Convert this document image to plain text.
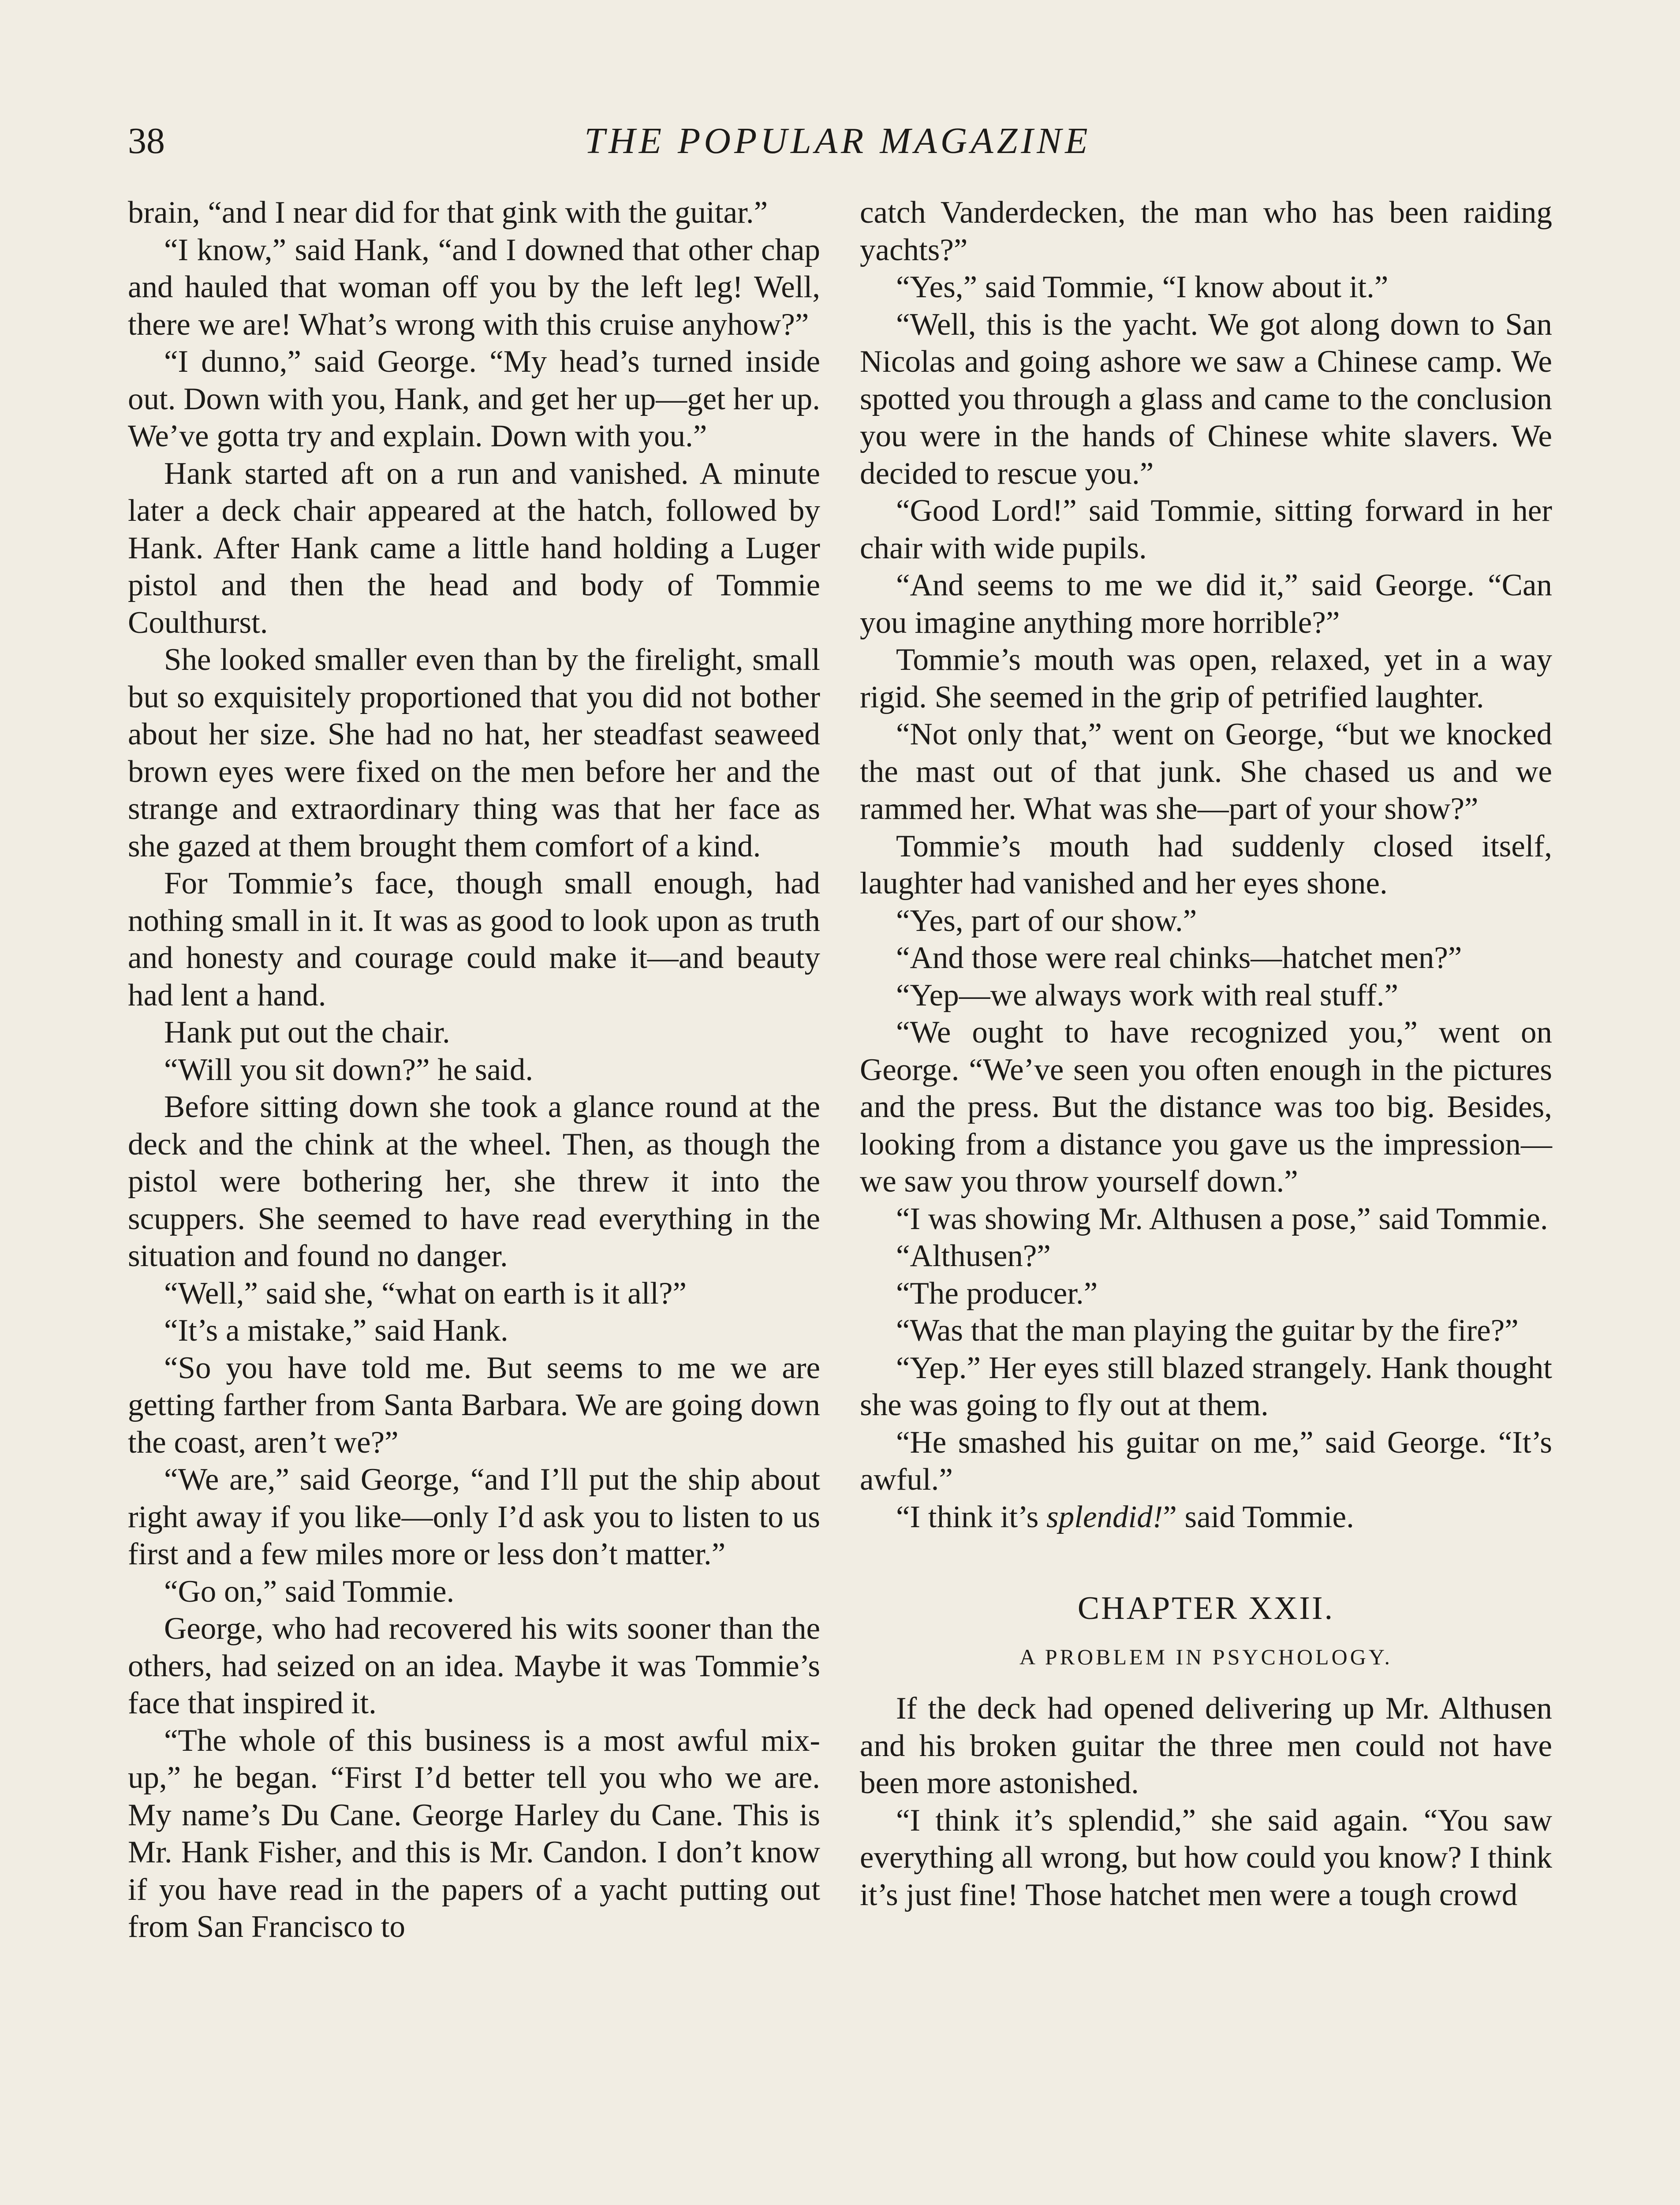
38	THE POPULAR MAGAZINE

brain, “and I near did for that gink with the guitar.”

“I know,” said Hank, “and I downed that other chap and hauled that woman off you by the left leg! Well, there we are! What’s wrong with this cruise anyhow?”

“I dunno,” said George. “My head’s turned inside out. Down with you, Hank, and get her up—get her up. We’ve gotta try and explain. Down with you.”

Hank started aft on a run and vanished. A minute later a deck chair appeared at the hatch, followed by Hank. After Hank came a little hand holding a Luger pistol and then the head and body of Tommie Coulthurst.

She looked smaller even than by the firelight, small but so exquisitely proportioned that you did not bother about her size. She had no hat, her steadfast seaweed brown eyes were fixed on the men before her and the strange and extraordinary thing was that her face as she gazed at them brought them comfort of a kind.

For Tommie’s face, though small enough, had nothing small in it. It was as good to look upon as truth and honesty and courage could make it—and beauty had lent a hand.

Hank put out the chair.

“Will you sit down?” he said.

Before sitting down she took a glance round at the deck and the chink at the wheel. Then, as though the pistol were bothering her, she threw it into the scuppers. She seemed to have read everything in the situation and found no danger.

“Well,” said she, “what on earth is it all?”

“It’s a mistake,” said Hank.

“So you have told me. But seems to me we are getting farther from Santa Barbara. We are going down the coast, aren’t we?”

“We are,” said George, “and I’ll put the ship about right away if you like—only I’d ask you to listen to us first and a few miles more or less don’t matter.”

“Go on,” said Tommie.

George, who had recovered his wits sooner than the others, had seized on an idea. Maybe it was Tommie’s face that inspired it.

“The whole of this business is a most awful mix-up,” he began. “First I’d better tell you who we are. My name’s Du Cane. George Harley du Cane. This is Mr. Hank Fisher, and this is Mr. Candon. I don’t know if you have read in the papers of a yacht putting out from San Francisco to

catch Vanderdecken, the man who has been raiding yachts?”

“Yes,” said Tommie, “I know about it.”

“Well, this is the yacht. We got along down to San Nicolas and going ashore we saw a Chinese camp. We spotted you through a glass and came to the conclusion you were in the hands of Chinese white slavers. We decided to rescue you.”

“Good Lord!” said Tommie, sitting forward in her chair with wide pupils.

“And seems to me we did it,” said George. “Can you imagine anything more horrible?”

Tommie’s mouth was open, relaxed, yet in a way rigid. She seemed in the grip of petrified laughter.

“Not only that,” went on George, “but we knocked the mast out of that junk. She chased us and we rammed her. What was she—part of your show?”

Tommie’s mouth had suddenly closed itself, laughter had vanished and her eyes shone.

“Yes, part of our show.”

“And those were real chinks—hatchet men?”

“Yep—we always work with real stuff.”

“We ought to have recognized you,” went on George. “We’ve seen you often enough in the pictures and the press. But the distance was too big. Besides, looking from a distance you gave us the impression—we saw you throw yourself down.”

“I was showing Mr. Althusen a pose,” said Tommie.

“Althusen?”

“The producer.”

“Was that the man playing the guitar by the fire?”

“Yep.” Her eyes still blazed strangely. Hank thought she was going to fly out at them.

“He smashed his guitar on me,” said George. “It’s awful.”

“I think it’s splendid!” said Tommie.

CHAPTER XXII.
A PROBLEM IN PSYCHOLOGY.

If the deck had opened delivering up Mr. Althusen and his broken guitar the three men could not have been more astonished.

“I think it’s splendid,” she said again. “You saw everything all wrong, but how could you know? I think it’s just fine! Those hatchet men were a tough crowd
